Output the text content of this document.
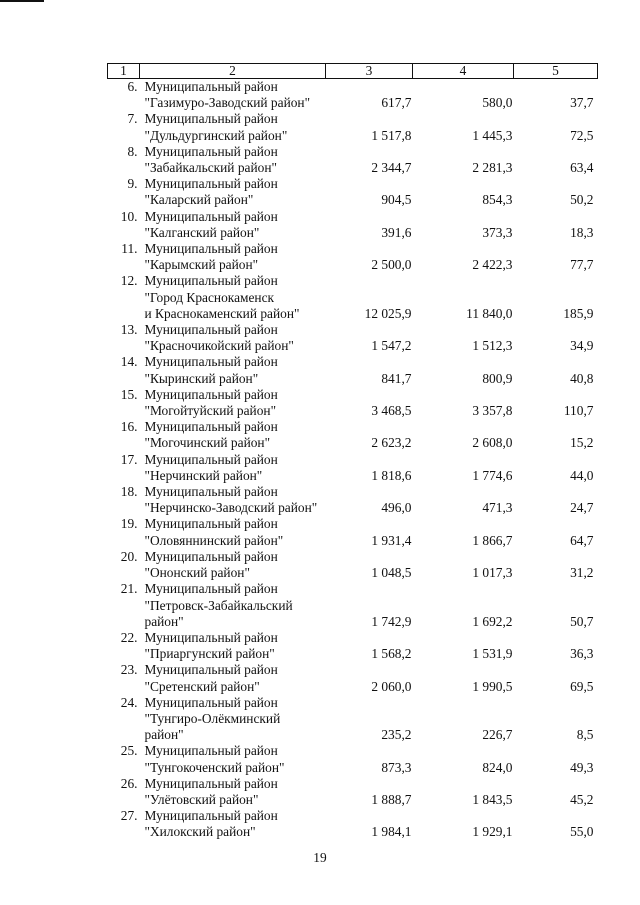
1	2	3	4	5
6.	Муниципальный район
"Газимуро-Заводский район"	617,7	580,0	37,7
7.	Муниципальный район
"Дульдургинский район"	1 517,8	1 445,3	72,5
8.	Муниципальный район
"Забайкальский район"	2 344,7	2 281,3	63,4
9.	Муниципальный район
"Каларский район"	904,5	854,3	50,2
10.	Муниципальный район
"Калганский район"	391,6	373,3	18,3
11.	Муниципальный район
"Карымский район"	2 500,0	2 422,3	77,7
12.	Муниципальный район
"Город Краснокаменск
и Краснокаменский район"	12 025,9	11 840,0	185,9
13.	Муниципальный район
"Красночикойский район"	1 547,2	1 512,3	34,9
14.	Муниципальный район
"Кыринский район"	841,7	800,9	40,8
15.	Муниципальный район
"Могойтуйский район"	3 468,5	3 357,8	110,7
16.	Муниципальный район
"Могочинский район"	2 623,2	2 608,0	15,2
17.	Муниципальный район
"Нерчинский район"	1 818,6	1 774,6	44,0
18.	Муниципальный район
"Нерчинско-Заводский район"	496,0	471,3	24,7
19.	Муниципальный район
"Оловяннинский район"	1 931,4	1 866,7	64,7
20.	Муниципальный район
"Ононский район"	1 048,5	1 017,3	31,2
21.	Муниципальный район
"Петровск-Забайкальский
район"	1 742,9	1 692,2	50,7
22.	Муниципальный район
"Приаргунский район"	1 568,2	1 531,9	36,3
23.	Муниципальный район
"Сретенский район"	2 060,0	1 990,5	69,5
24.	Муниципальный район
"Тунгиро-Олёкминский
район"	235,2	226,7	8,5
25.	Муниципальный район
"Тунгокоченский район"	873,3	824,0	49,3
26.	Муниципальный район
"Улётовский район"	1 888,7	1 843,5	45,2
27.	Муниципальный район
"Хилокский район"	1 984,1	1 929,1	55,0
19
